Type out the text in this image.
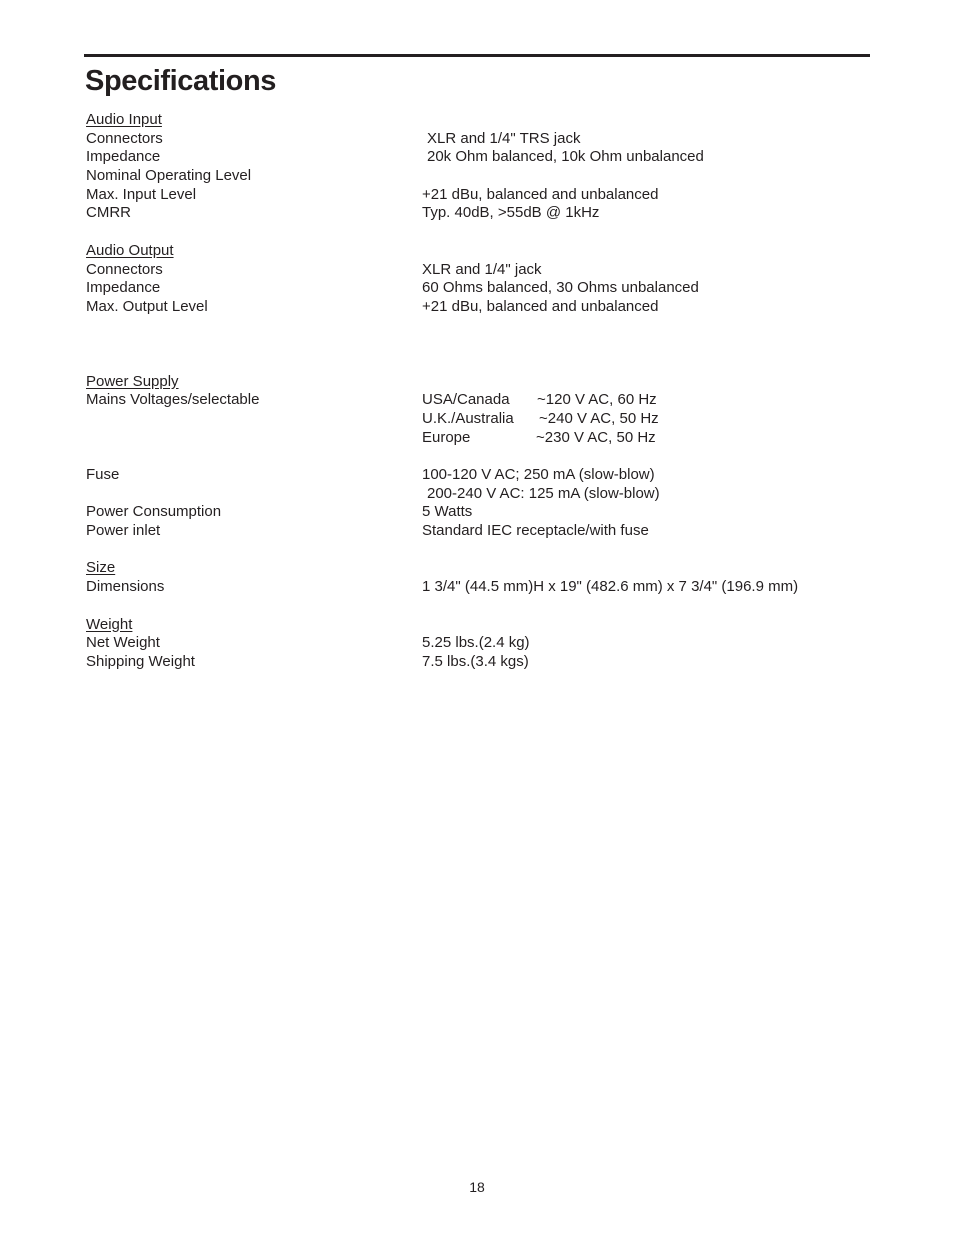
Specifications
Audio Input
Connectors	XLR and 1/4" TRS jack
Impedance	20k Ohm balanced, 10k Ohm unbalanced
Nominal Operating Level
Max. Input Level	+21 dBu, balanced and unbalanced
CMRR	Typ. 40dB, >55dB @ 1kHz
Audio Output
Connectors	XLR and 1/4" jack
Impedance	60 Ohms balanced, 30 Ohms unbalanced
Max. Output Level	+21 dBu, balanced and unbalanced
Power Supply
Mains Voltages/selectable	USA/Canada	~120 V AC, 60 Hz
U.K./Australia	~240 V AC, 50 Hz
Europe	~230 V AC, 50 Hz
Fuse	100-120 V AC; 250 mA (slow-blow)
200-240 V AC: 125 mA (slow-blow)
Power Consumption	5 Watts
Power inlet	Standard IEC receptacle/with fuse
Size
Dimensions	1 3/4" (44.5 mm)H x 19" (482.6 mm) x 7 3/4" (196.9 mm)
Weight
Net Weight	5.25 lbs.(2.4 kg)
Shipping Weight	7.5 lbs.(3.4 kgs)
18
